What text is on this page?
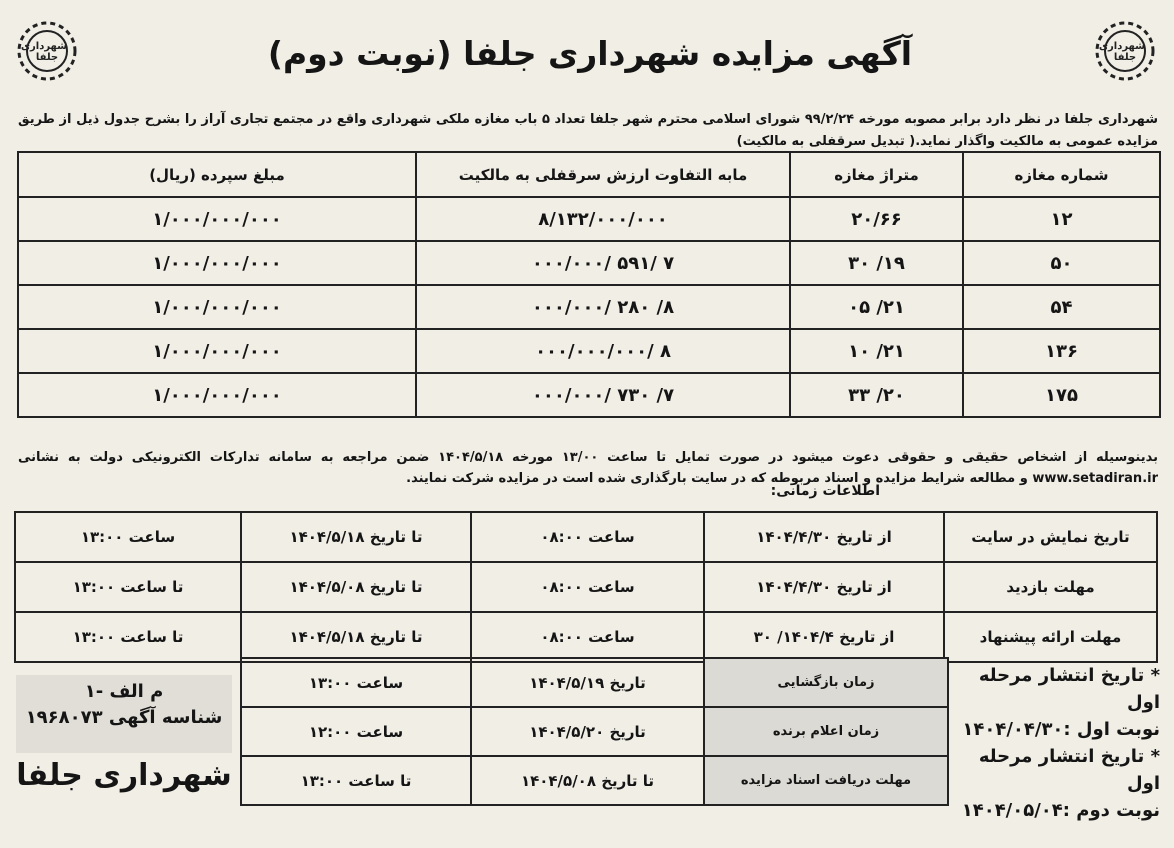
شهرداری جلفا
شهرداری جلفا
آگهی مزایده شهرداری جلفا (نوبت دوم)

شهرداری جلفا در نظر دارد برابر مصوبه مورخه ۹۹/۲/۲۴ شورای اسلامی محترم شهر جلفا تعداد ۵ باب مغازه ملکی شهرداری واقع در مجتمع تجاری آراز را بشرح جدول ذیل از طریق مزایده عمومی به مالکیت واگذار نماید.( تبدیل سرقفلی به مالکیت)

شماره مغازه	متراژ مغازه	مابه التفاوت ارزش سرقفلی به مالکیت	مبلغ سپرده (ریال)
۱۲	۲۰/۶۶	۸/۱۳۲/۰۰۰/۰۰۰	۱/۰۰۰/۰۰۰/۰۰۰
۵۰	۱۹/ ۳۰	۷ /۵۹۱ /۰۰۰/۰۰۰	۱/۰۰۰/۰۰۰/۰۰۰
۵۴	۲۱/ ۰۵	۸/ ۲۸۰ /۰۰۰/۰۰۰	۱/۰۰۰/۰۰۰/۰۰۰
۱۳۶	۲۱/ ۱۰	۸ /۰۰۰/۰۰۰/۰۰۰	۱/۰۰۰/۰۰۰/۰۰۰
۱۷۵	۲۰/ ۳۳	۷/ ۷۳۰ /۰۰۰/۰۰۰	۱/۰۰۰/۰۰۰/۰۰۰

بدینوسیله از اشخاص حقیقی و حقوقی دعوت میشود در صورت تمایل تا ساعت ۱۳/۰۰ مورخه ۱۴۰۴/۵/۱۸ ضمن مراجعه به سامانه تدارکات الکترونیکی دولت به نشانی www.setadiran.ir و مطالعه شرایط مزایده و اسناد مربوطه که در سایت بارگذاری شده است در مزایده شرکت نمایند.

اطلاعات زمانی:
تاریخ نمایش در سایت	از تاریخ ۱۴۰۴/۴/۳۰	ساعت ۰۸:۰۰	تا تاریخ ۱۴۰۴/۵/۱۸	ساعت ۱۳:۰۰
مهلت بازدید	از تاریخ ۱۴۰۴/۴/۳۰	ساعت ۰۸:۰۰	تا تاریخ ۱۴۰۴/۵/۰۸	تا ساعت ۱۳:۰۰
مهلت ارائه پیشنهاد	از تاریخ ۱۴۰۴/۴/ ۳۰	ساعت ۰۸:۰۰	تا تاریخ ۱۴۰۴/۵/۱۸	تا ساعت ۱۳:۰۰
زمان بازگشایی	تاریخ ۱۴۰۴/۵/۱۹	ساعت ۱۳:۰۰
زمان اعلام برنده	تاریخ ۱۴۰۴/۵/۲۰	ساعت ۱۲:۰۰
مهلت دریافت اسناد مزایده	تا تاریخ ۱۴۰۴/۵/۰۸	تا ساعت ۱۳:۰۰
* تاریخ انتشار مرحله اول
نوبت اول :۱۴۰۴/۰۴/۳۰
* تاریخ انتشار مرحله اول
نوبت دوم :۱۴۰۴/۰۵/۰۴
م الف -۱
شناسه آگهی ۱۹۶۸۰۷۳
شهرداری جلفا
